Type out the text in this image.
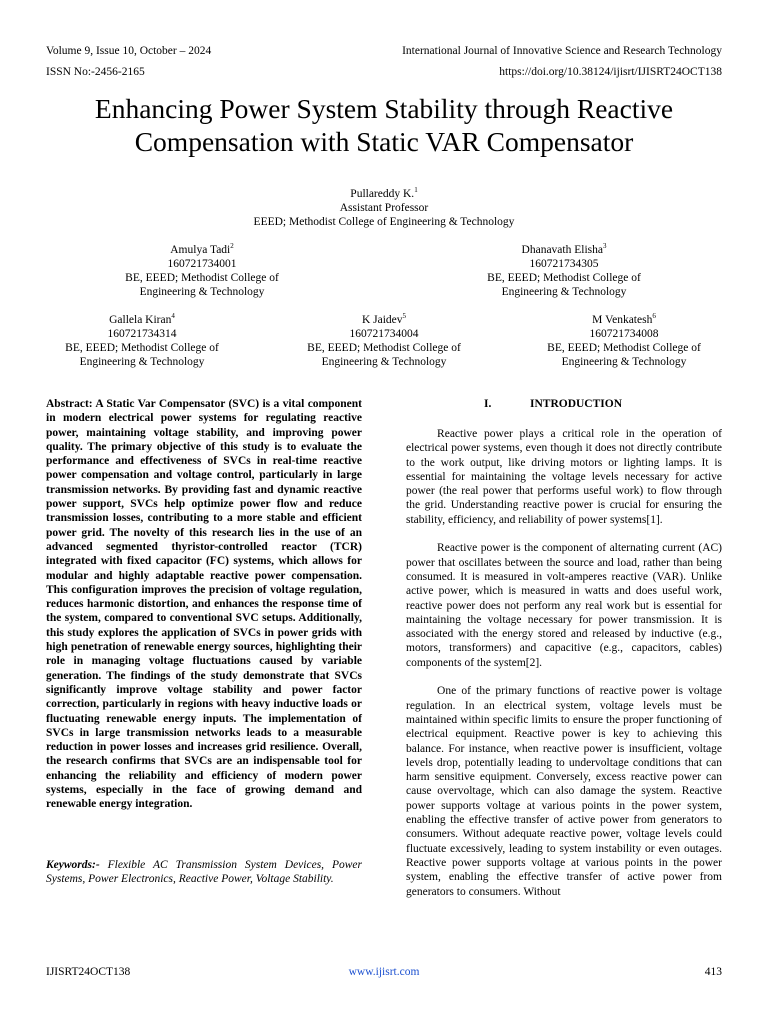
Volume 9, Issue 10, October – 2024	International Journal of Innovative Science and Research Technology
ISSN No:-2456-2165	https://doi.org/10.38124/ijisrt/IJISRT24OCT138
Enhancing Power System Stability through Reactive
Compensation with Static VAR Compensator
Pullareddy K.$^1$
Assistant Professor
EEED; Methodist College of Engineering & Technology
Amulya Tadi$^2$
160721734001
BE, EEED; Methodist College of
Engineering & Technology
Dhanavath Elisha$^3$
160721734305
BE, EEED; Methodist College of
Engineering & Technology
Gallela Kiran$^4$
160721734314
BE, EEED; Methodist College of
Engineering & Technology
K Jaidev$^5$
160721734004
BE, EEED; Methodist College of
Engineering & Technology
M Venkatesh$^6$
160721734008
BE, EEED; Methodist College of
Engineering & Technology

Abstract: A Static Var Compensator (SVC) is a vital component in modern electrical power systems for regulating reactive power, maintaining voltage stability, and improving power quality. The primary objective of this study is to evaluate the performance and effectiveness of SVCs in real-time reactive power compensation and voltage control, particularly in large transmission networks. By providing fast and dynamic reactive power support, SVCs help optimize power flow and reduce transmission losses, contributing to a more stable and efficient power grid. The novelty of this research lies in the use of an advanced segmented thyristor-controlled reactor (TCR) integrated with fixed capacitor (FC) systems, which allows for modular and highly adaptable reactive power compensation. This configuration improves the precision of voltage regulation, reduces harmonic distortion, and enhances the response time of the system, compared to conventional SVC setups. Additionally, this study explores the application of SVCs in power grids with high penetration of renewable energy sources, highlighting their role in managing voltage fluctuations caused by variable generation. The findings of the study demonstrate that SVCs significantly improve voltage stability and power factor correction, particularly in regions with heavy inductive loads or fluctuating renewable energy inputs. The implementation of SVCs in large transmission networks leads to a measurable reduction in power losses and increases grid resilience. Overall, the research confirms that SVCs are an indispensable tool for enhancing the reliability and efficiency of modern power systems, especially in the face of growing demand and renewable energy integration.

Keywords:- Flexible AC Transmission System Devices, Power Systems, Power Electronics, Reactive Power, Voltage Stability.

I.	INTRODUCTION

Reactive power plays a critical role in the operation of electrical power systems, even though it does not directly contribute to the work output, like driving motors or lighting lamps. It is essential for maintaining the voltage levels necessary for active power (the real power that performs useful work) to flow through the grid. Understanding reactive power is crucial for ensuring the stability, efficiency, and reliability of power systems[1].

Reactive power is the component of alternating current (AC) power that oscillates between the source and load, rather than being consumed. It is measured in volt-amperes reactive (VAR). Unlike active power, which is measured in watts and does useful work, reactive power does not perform any real work but is essential for maintaining the voltage necessary for power transmission. It is associated with the energy stored and released by inductive (e.g., motors, transformers) and capacitive (e.g., capacitors, cables) components of the system[2].

One of the primary functions of reactive power is voltage regulation. In an electrical system, voltage levels must be maintained within specific limits to ensure the proper functioning of electrical equipment. Reactive power is key to achieving this balance. For instance, when reactive power is insufficient, voltage levels drop, potentially leading to undervoltage conditions that can harm sensitive equipment. Conversely, excess reactive power can cause overvoltage, which can also damage the system. Reactive power supports voltage at various points in the power system, enabling the effective transfer of active power from generators to consumers. Without adequate reactive power, voltage levels could fluctuate excessively, leading to system instability or even outages. Reactive power supports voltage at various points in the power system, enabling the effective transfer of active power from generators to consumers. Without

IJISRT24OCT138	www.ijisrt.com	413
